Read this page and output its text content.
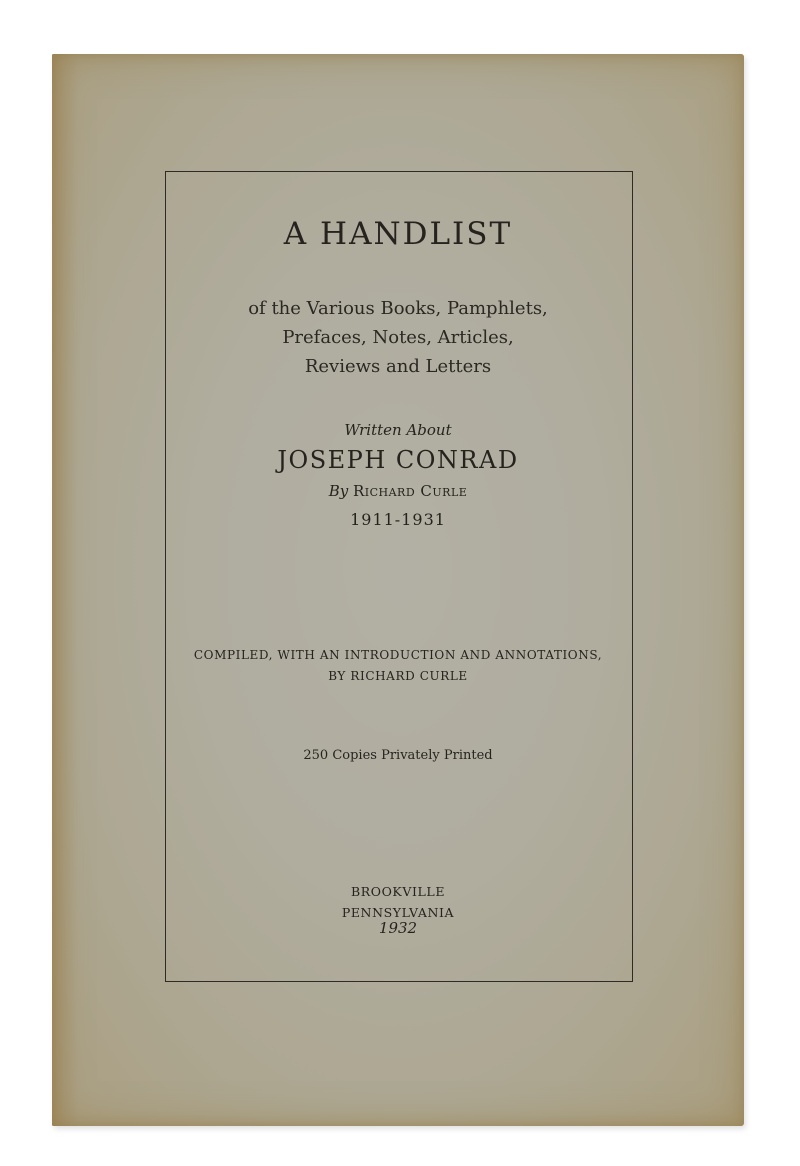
A HANDLIST
of the Various Books, Pamphlets,
Prefaces, Notes, Articles,
Reviews and Letters
Written About
JOSEPH CONRAD
By Richard Curle
1911-1931
COMPILED, WITH AN INTRODUCTION AND ANNOTATIONS,
BY RICHARD CURLE
250 Copies Privately Printed
BROOKVILLE
PENNSYLVANIA
1932
